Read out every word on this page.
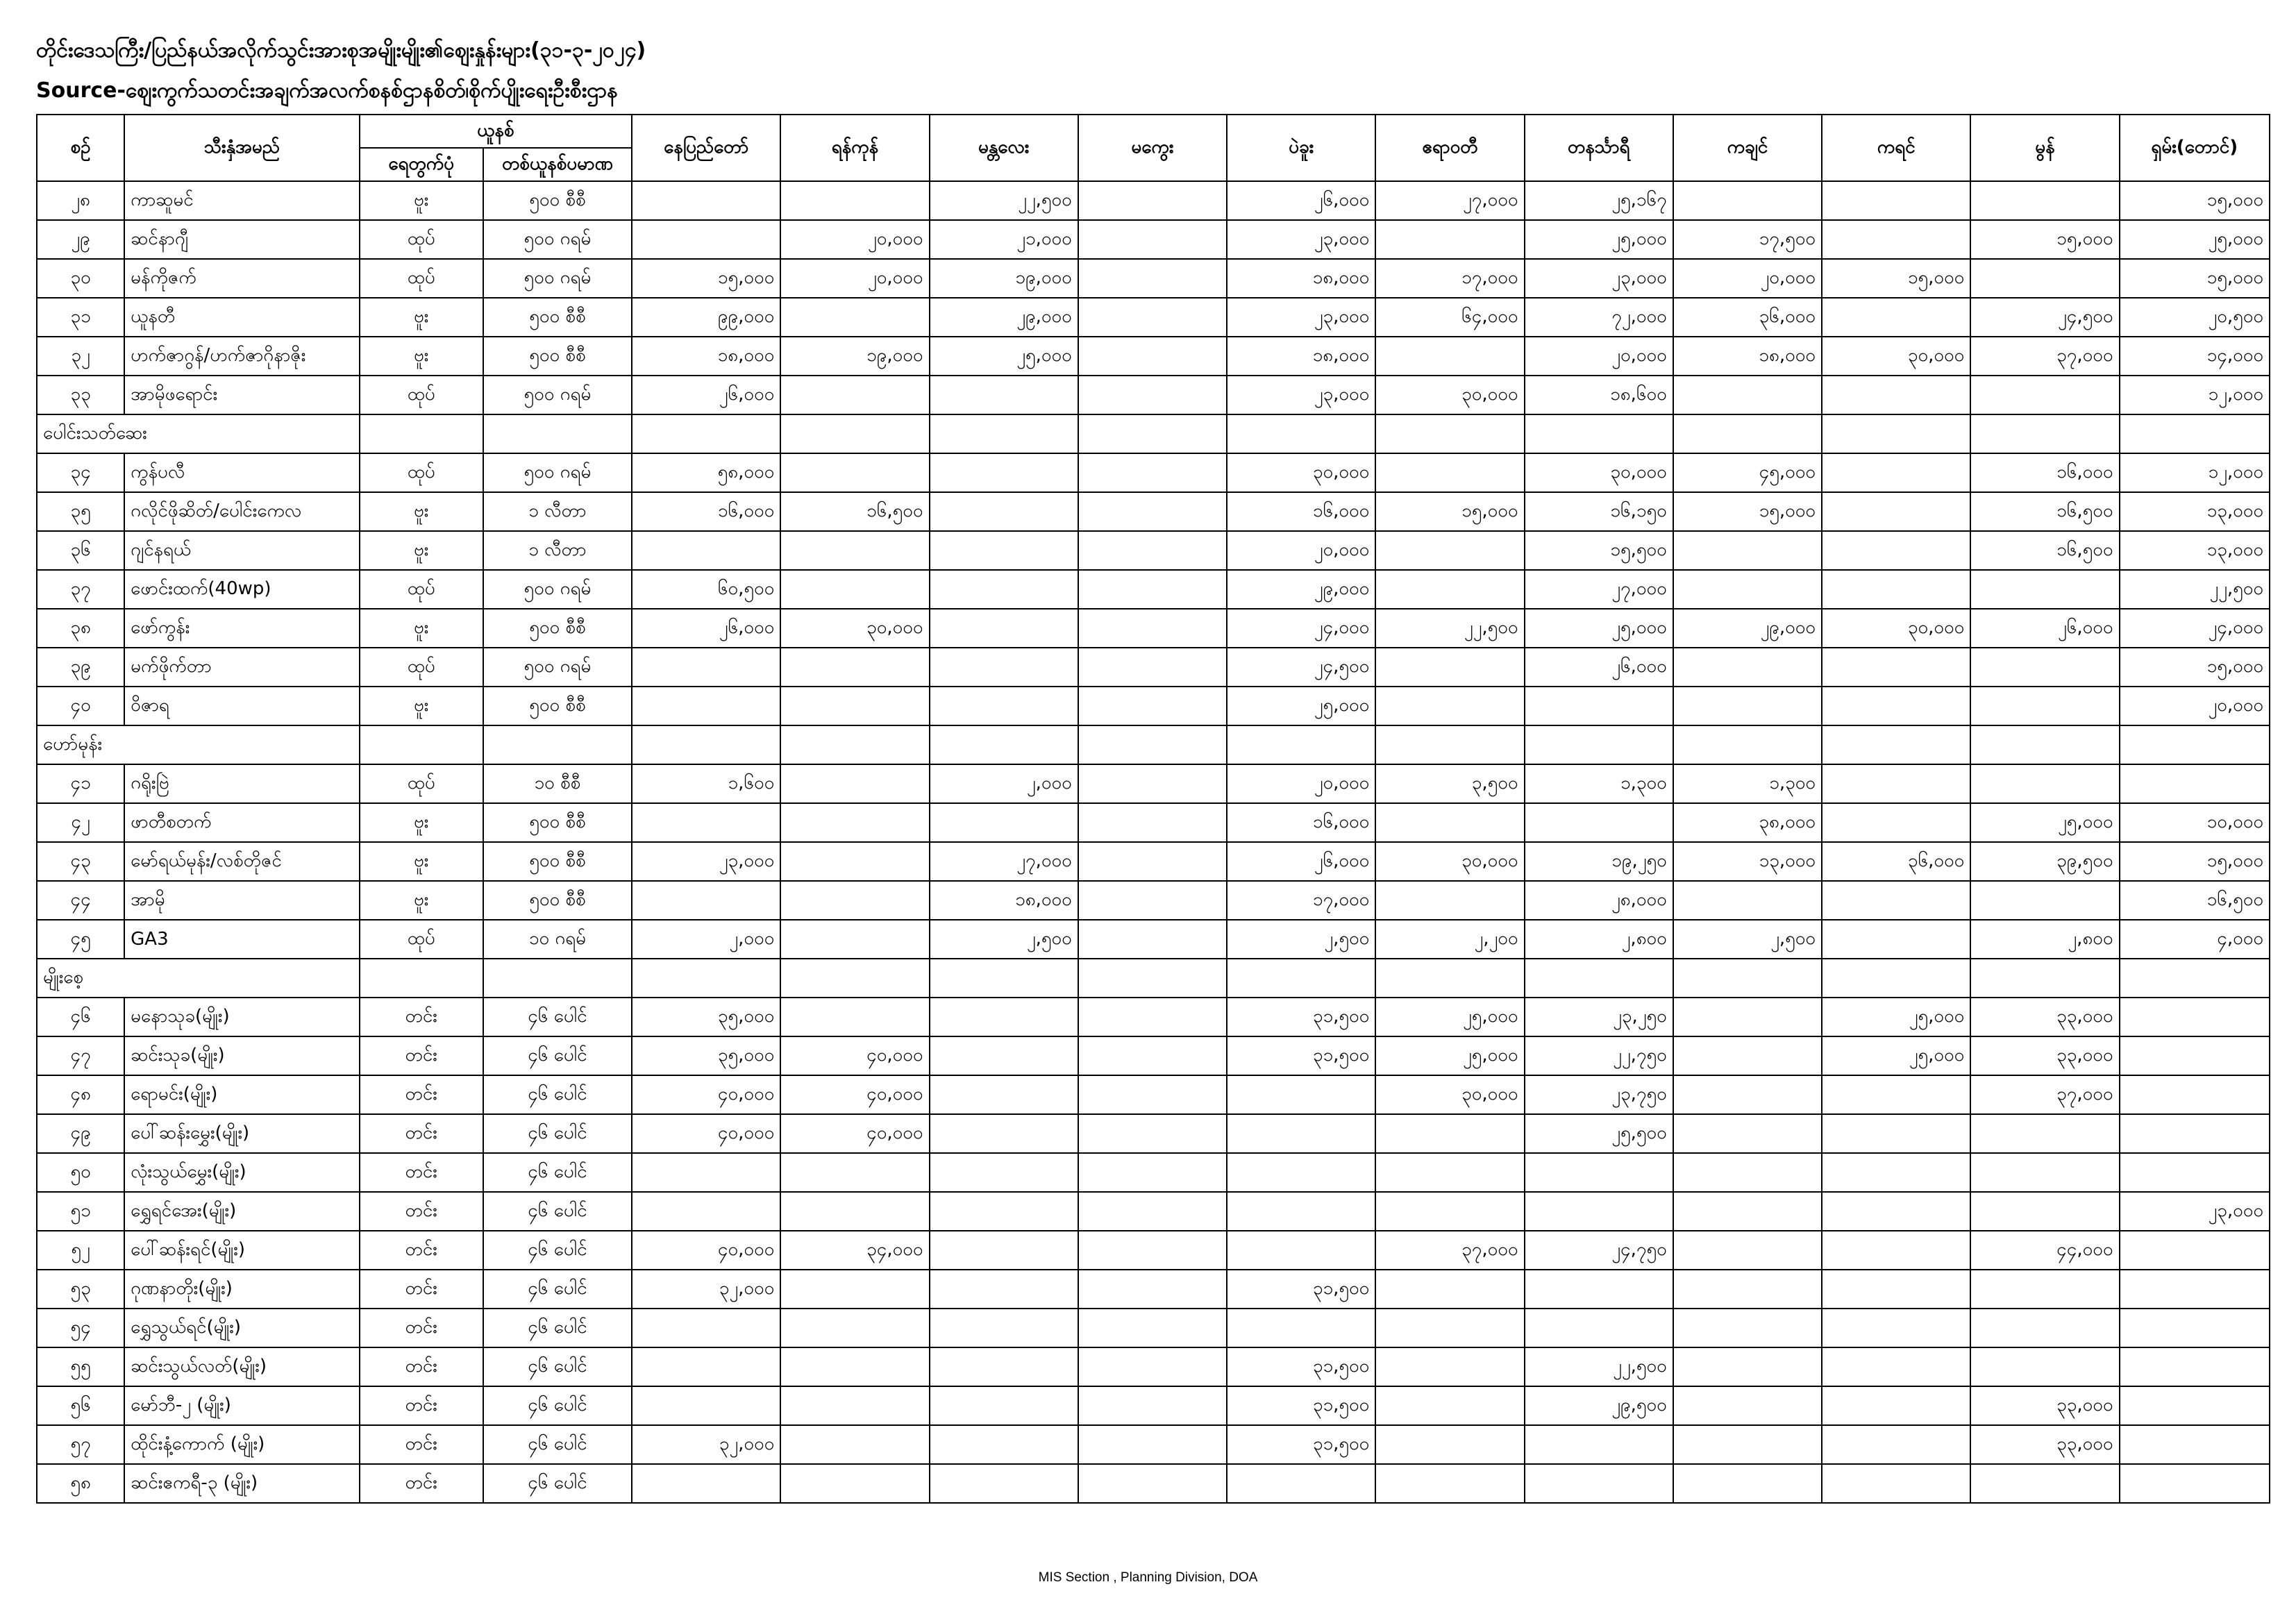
တိုင်းဒေသကြီး/ပြည်နယ်အလိုက်သွင်းအားစုအမျိုးမျိုး၏ဈေးနှုန်းများ(၃၁-၃-၂၀၂၄)
Source-ဈေးကွက်သတင်းအချက်အလက်စနစ်ဌာနစိတ်၊စိုက်ပျိုးရေးဦးစီးဌာန
စဉ်	သီးနှံအမည်	ယူနစ်		နေပြည်တော်	ရန်ကုန်	မန္တလေး	မကွေး	ပဲခူး	ဧရာဝတီ	တနင်္သာရီ	ကချင်	ကရင်	မွန်	ရှမ်း(တောင်)
		ရေတွက်ပုံ	တစ်ယူနစ်ပမာဏ											
၂၈	ကာဆူမင်	ဗူး	၅၀၀ စီစီ			၂၂,၅၀၀		၂၆,၀၀၀	၂၇,၀၀၀	၂၅,၁၆၇				၁၅,၀၀၀
၂၉	ဆင်နာဂျီ	ထုပ်	၅၀၀ ဂရမ်		၂၀,၀၀၀	၂၁,၀၀၀		၂၃,၀၀၀		၂၅,၀၀၀	၁၇,၅၀၀		၁၅,၀၀၀	၂၅,၀၀၀
၃၀	မန်ကိုဇက်	ထုပ်	၅၀၀ ဂရမ်	၁၅,၀၀၀	၂၀,၀၀၀	၁၉,၀၀၀		၁၈,၀၀၀	၁၇,၀၀၀	၂၃,၀၀၀	၂၀,၀၀၀	၁၅,၀၀၀		၁၅,၀၀၀
၃၁	ယူနတီ	ဗူး	၅၀၀ စီစီ	၉၉,၀၀၀		၂၉,၀၀၀		၂၃,၀၀၀	၆၄,၀၀၀	၇၂,၀၀၀	၃၆,၀၀၀		၂၄,၅၀၀	၂၀,၅၀၀
၃၂	ဟက်ဇာဂွန်/ဟက်ဇာဂိုနာဇိုး	ဗူး	၅၀၀ စီစီ	၁၈,၀၀၀	၁၉,၀၀၀	၂၅,၀၀၀		၁၈,၀၀၀		၂၀,၀၀၀	၁၈,၀၀၀	၃၀,၀၀၀	၃၇,၀၀၀	၁၄,၀၀၀
၃၃	အာမိုဖရောင်း	ထုပ်	၅၀၀ ဂရမ်	၂၆,၀၀၀				၂၃,၀၀၀	၃၀,၀၀၀	၁၈,၆၀၀				၁၂,၀၀၀
ပေါင်းသတ်ဆေး														
၃၄	ကွန်ပလီ	ထုပ်	၅၀၀ ဂရမ်	၅၈,၀၀၀				၃၀,၀၀၀		၃၀,၀၀၀	၄၅,၀၀၀		၁၆,၀၀၀	၁၂,၀၀၀
၃၅	ဂလိုင်ဖိုဆိတ်/ပေါင်းကေလ	ဗူး	၁ လီတာ	၁၆,၀၀၀	၁၆,၅၀၀			၁၆,၀၀၀	၁၅,၀၀၀	၁၆,၁၅၀	၁၅,၀၀၀		၁၆,၅၀၀	၁၃,၀၀၀
၃၆	ဂျင်နရယ်	ဗူး	၁ လီတာ					၂၀,၀၀၀		၁၅,၅၀၀			၁၆,၅၀၀	၁၃,၀၀၀
၃၇	ဖောင်းထက်(40wp)	ထုပ်	၅၀၀ ဂရမ်	၆၀,၅၀၀				၂၉,၀၀၀		၂၇,၀၀၀				၂၂,၅၀၀
၃၈	ဖော်ကွန်း	ဗူး	၅၀၀ စီစီ	၂၆,၀၀၀	၃၀,၀၀၀			၂၄,၀၀၀	၂၂,၅၀၀	၂၅,၀၀၀	၂၉,၀၀၀	၃၀,၀၀၀	၂၆,၀၀၀	၂၄,၀၀၀
၃၉	မက်ဖိုက်တာ	ထုပ်	၅၀၀ ဂရမ်					၂၄,၅၀၀		၂၆,၀၀၀				၁၅,၀၀၀
၄၀	ဝိဇာရ	ဗူး	၅၀၀ စီစီ					၂၅,၀၀၀						၂၀,၀၀၀
ဟော်မုန်း														
၄၁	ဂရိုးဗြဲ	ထုပ်	၁၀ စီစီ	၁,၆၀၀		၂,၀၀၀		၂၀,၀၀၀	၃,၅၀၀	၁,၃၀၀	၁,၃၀၀			
၄၂	ဖာတီစတက်	ဗူး	၅၀၀ စီစီ					၁၆,၀၀၀			၃၈,၀၀၀		၂၅,၀၀၀	၁၀,၀၀၀
၄၃	မော်ရယ်မုန်း/လစ်တိုဇင်	ဗူး	၅၀၀ စီစီ	၂၃,၀၀၀		၂၇,၀၀၀		၂၆,၀၀၀	၃၀,၀၀၀	၁၉,၂၅၀	၁၃,၀၀၀	၃၆,၀၀၀	၃၉,၅၀၀	၁၅,၀၀၀
၄၄	အာမို	ဗူး	၅၀၀ စီစီ			၁၈,၀၀၀		၁၇,၀၀၀		၂၈,၀၀၀				၁၆,၅၀၀
၄၅	GA3	ထုပ်	၁၀ ဂရမ်	၂,၀၀၀		၂,၅၀၀		၂,၅၀၀	၂,၂၀၀	၂,၈၀၀	၂,၅၀၀		၂,၈၀၀	၄,၀၀၀
မျိုးစေ့														
၄၆	မနောသုခ(မျိုး)	တင်း	၄၆ ပေါင်	၃၅,၀၀၀				၃၁,၅၀၀	၂၅,၀၀၀	၂၃,၂၅၀		၂၅,၀၀၀	၃၃,၀၀၀	
၄၇	ဆင်းသုခ(မျိုး)	တင်း	၄၆ ပေါင်	၃၅,၀၀၀	၄၀,၀၀၀			၃၁,၅၀၀	၂၅,၀၀၀	၂၂,၇၅၀		၂၅,၀၀၀	၃၃,၀၀၀	
၄၈	ရောမင်း(မျိုး)	တင်း	၄၆ ပေါင်	၄၀,၀၀၀	၄၀,၀၀၀				၃၀,၀၀၀	၂၃,၇၅၀			၃၇,၀၀၀	
၄၉	ပေါ်ဆန်းမွှေး(မျိုး)	တင်း	၄၆ ပေါင်	၄၀,၀၀၀	၄၀,၀၀၀					၂၅,၅၀၀				
၅၀	လုံးသွယ်မွှေး(မျိုး)	တင်း	၄၆ ပေါင်											
၅၁	ရွှေရင်အေး(မျိုး)	တင်း	၄၆ ပေါင်											၂၃,၀၀၀
၅၂	ပေါ်ဆန်းရင်(မျိုး)	တင်း	၄၆ ပေါင်	၄၀,၀၀၀	၃၄,၀၀၀				၃၇,၀၀၀	၂၄,၇၅၀			၄၄,၀၀၀	
၅၃	ဂုဏနာတိုး(မျိုး)	တင်း	၄၆ ပေါင်	၃၂,၀၀၀				၃၁,၅၀၀						
၅၄	ရွှေသွယ်ရင်(မျိုး)	တင်း	၄၆ ပေါင်											
၅၅	ဆင်းသွယ်လတ်(မျိုး)	တင်း	၄၆ ပေါင်					၃၁,၅၀၀		၂၂,၅၀၀				
၅၆	မော်ဘီ-၂ (မျိုး)	တင်း	၄၆ ပေါင်					၃၁,၅၀၀		၂၉,၅၀၀			၃၃,၀၀၀	
၅၇	ထိုင်းနံ့ကောက် (မျိုး)	တင်း	၄၆ ပေါင်	၃၂,၀၀၀				၃၁,၅၀၀					၃၃,၀၀၀	
၅၈	ဆင်းဧကရီ-၃ (မျိုး)	တင်း	၄၆ ပေါင်											
MIS Section , Planning Division, DOA
